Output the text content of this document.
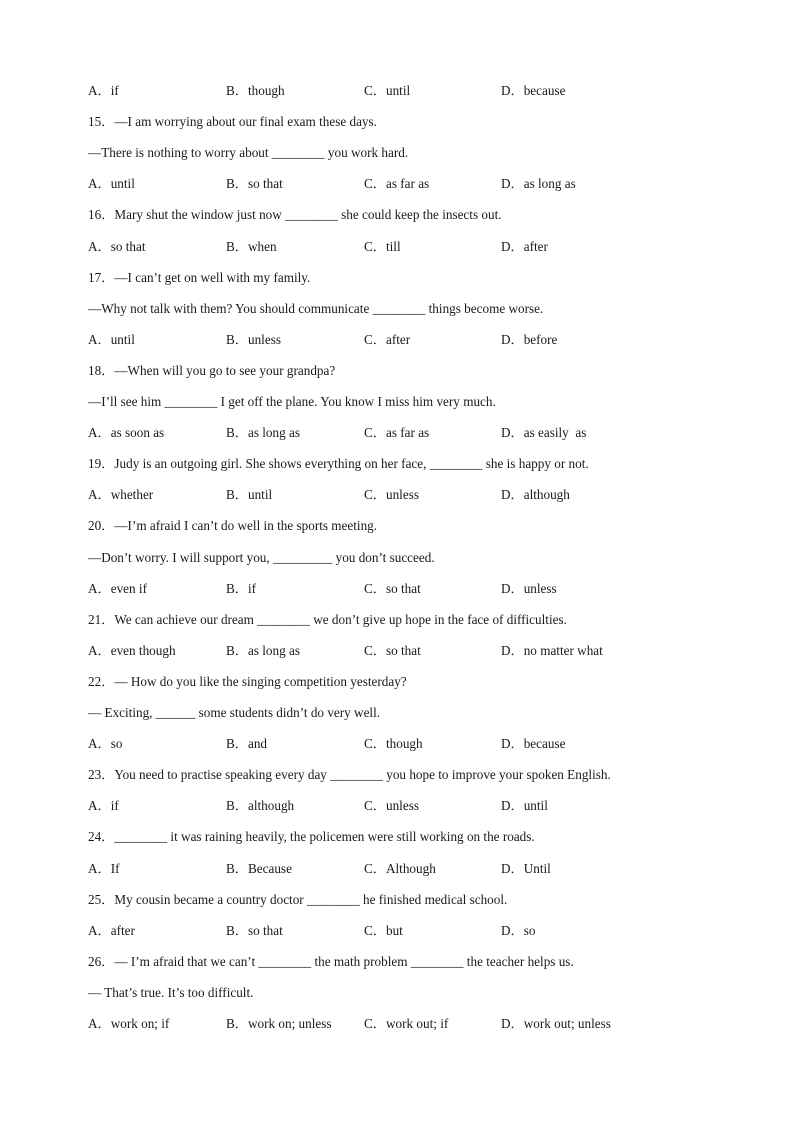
A．if	B．though	C．until	D．because
15．—I am worrying about our final exam these days.
—There is nothing to worry about ________ you work hard.
A．until	B．so that	C．as far as	D．as long as
16．Mary shut the window just now ________ she could keep the insects out.
A．so that	B．when	C．till	D．after
17．—I can’t get on well with my family.
—Why not talk with them? You should communicate ________ things become worse.
A．until	B．unless	C．after	D．before
18．—When will you go to see your grandpa?
—I’ll see him ________ I get off the plane. You know I miss him very much.
A．as soon as	B．as long as	C．as far as	D．as easily  as
19．Judy is an outgoing girl. She shows everything on her face, ________ she is happy or not.
A．whether	B．until	C．unless	D．although
20．—I’m afraid I can’t do well in the sports meeting.
—Don’t worry. I will support you, _________ you don’t succeed.
A．even if	B．if	C．so that	D．unless
21．We can achieve our dream ________ we don’t give up hope in the face of difficulties.
A．even though	B．as long as	C．so that	D．no matter what
22．— How do you like the singing competition yesterday?
— Exciting, ______ some students didn’t do very well.
A．so	B．and	C．though	D．because
23．You need to practise speaking every day ________ you hope to improve your spoken English.
A．if	B．although	C．unless	D．until
24．________ it was raining heavily, the policemen were still working on the roads.
A．If	B．Because	C．Although	D．Until
25．My cousin became a country doctor ________ he finished medical school.
A．after	B．so that	C．but	D．so
26．— I’m afraid that we can’t ________ the math problem ________ the teacher helps us.
— That’s true. It’s too difficult.
A．work on; if	B．work on; unless C．work out; if	D．work out; unless
